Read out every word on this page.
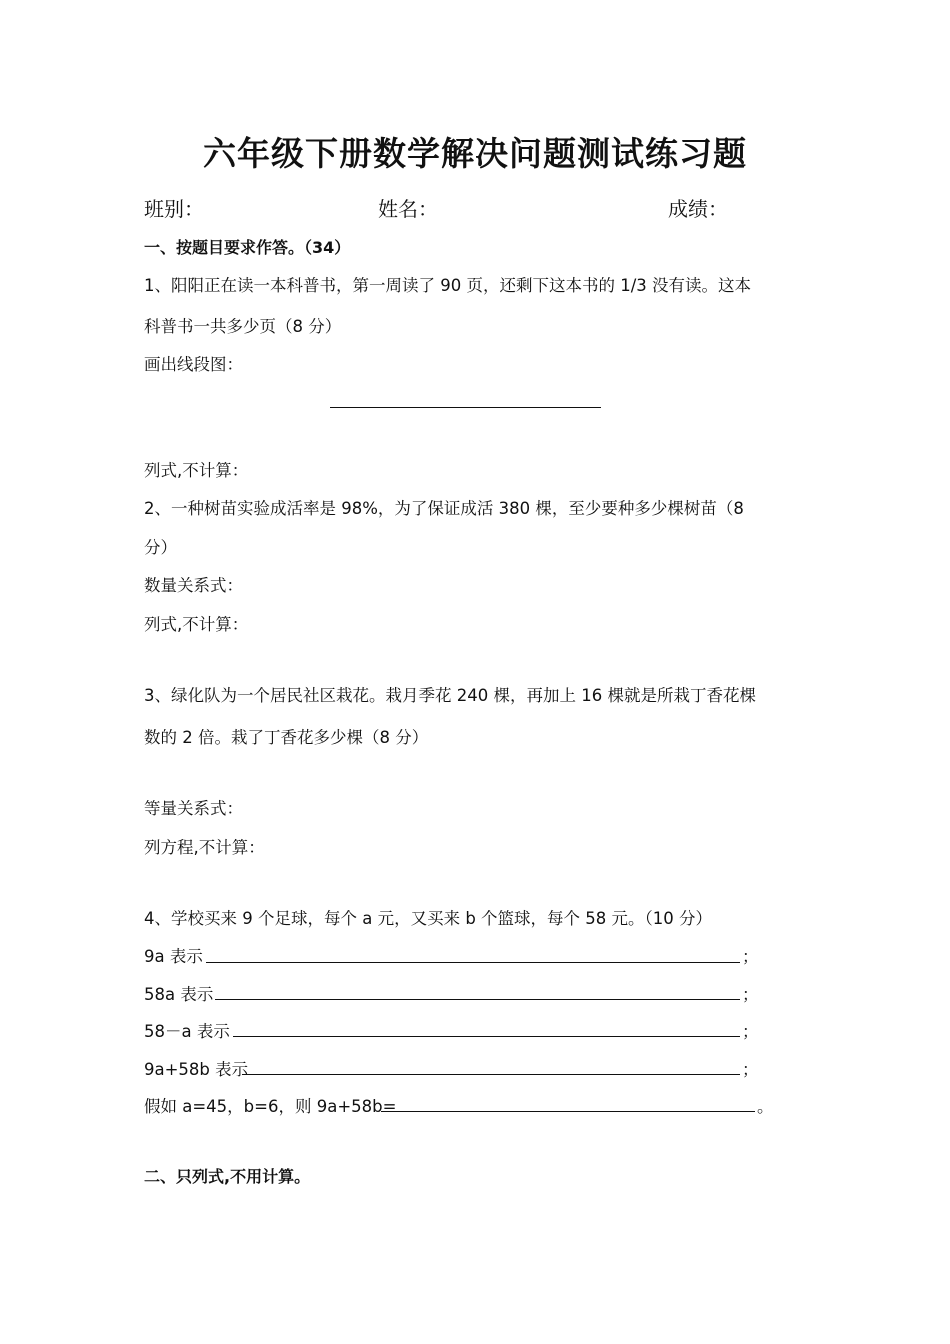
六年级下册数学解决问题测试练习题
班别：	姓名：	成绩：
一、按题目要求作答。（34）
1、阳阳正在读一本科普书，第一周读了 90 页，还剩下这本书的 1/3 没有读。这本
科普书一共多少页（8 分）
画出线段图：
列式,不计算：
2、一种树苗实验成活率是 98%，为了保证成活 380 棵，至少要种多少棵树苗（8
分）
数量关系式：
列式,不计算：
3、绿化队为一个居民社区栽花。栽月季花 240 棵，再加上 16 棵就是所栽丁香花棵
数的 2 倍。栽了丁香花多少棵（8 分）
等量关系式：
列方程,不计算：
4、学校买来 9 个足球，每个 a 元，又买来 b 个篮球，每个 58 元。（10 分）
9a 表示	；
58a 表示	；
58－a 表示	；
9a+58b 表示	；
假如 a=45，b=6，则 9a+58b=	。
二、只列式,不用计算。
